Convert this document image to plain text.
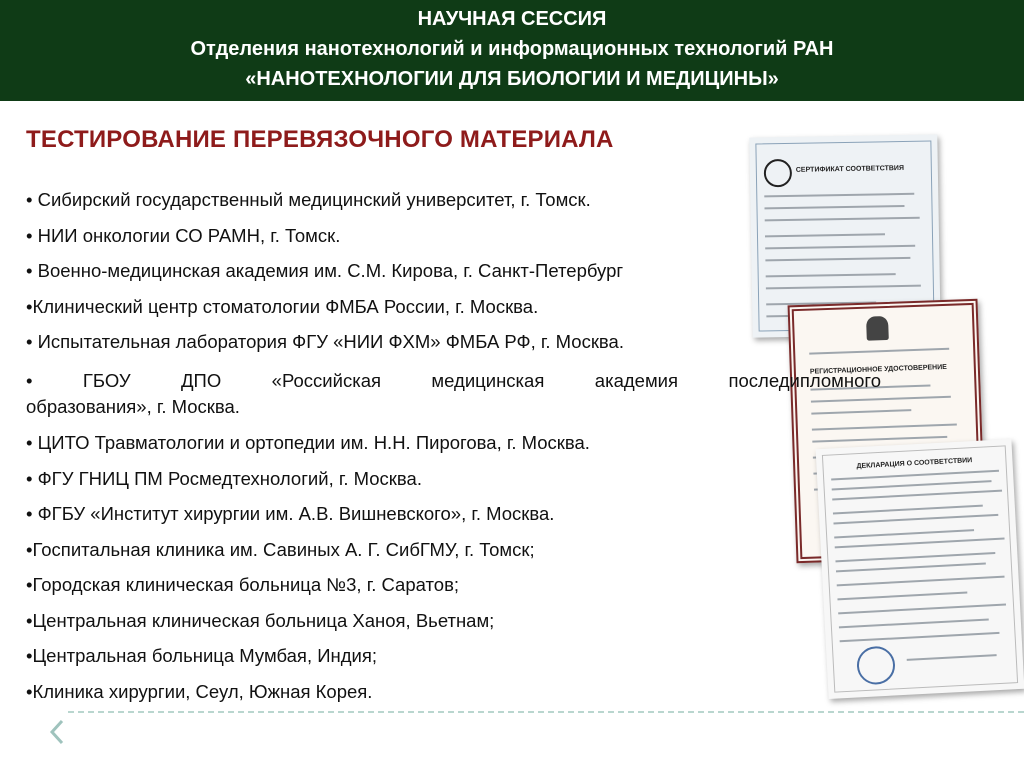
НАУЧНАЯ СЕССИЯ
Отделения нанотехнологий и информационных технологий РАН
«НАНОТЕХНОЛОГИИ ДЛЯ БИОЛОГИИ И МЕДИЦИНЫ»
ТЕСТИРОВАНИЕ ПЕРЕВЯЗОЧНОГО МАТЕРИАЛА
СЕРТИФИКАТ СООТВЕТСТВИЯ
РЕГИСТРАЦИОННОЕ УДОСТОВЕРЕНИЕ
ДЕКЛАРАЦИЯ О СООТВЕТСТВИИ
• Сибирский государственный медицинский университет, г. Томск.
• НИИ онкологии СО РАМН, г. Томск.
• Военно-медицинская академия им. С.М. Кирова, г. Санкт-Петербург
•Клинический центр стоматологии ФМБА России, г. Москва.
• Испытательная лаборатория ФГУ «НИИ ФХМ» ФМБА РФ, г. Москва.
• ГБОУ ДПО «Российская медицинская академия последипломного
образования», г. Москва.
• ЦИТО Травматологии и ортопедии им. Н.Н. Пирогова, г. Москва.
• ФГУ ГНИЦ ПМ Росмедтехнологий, г. Москва.
• ФГБУ «Институт хирургии им. А.В. Вишневского», г. Москва.
•Госпитальная клиника им. Савиных А. Г. СибГМУ, г. Томск;
•Городская клиническая больница №3, г. Саратов;
•Центральная клиническая больница Ханоя, Вьетнам;
•Центральная больница Мумбая, Индия;
•Клиника хирургии, Сеул, Южная Корея.
